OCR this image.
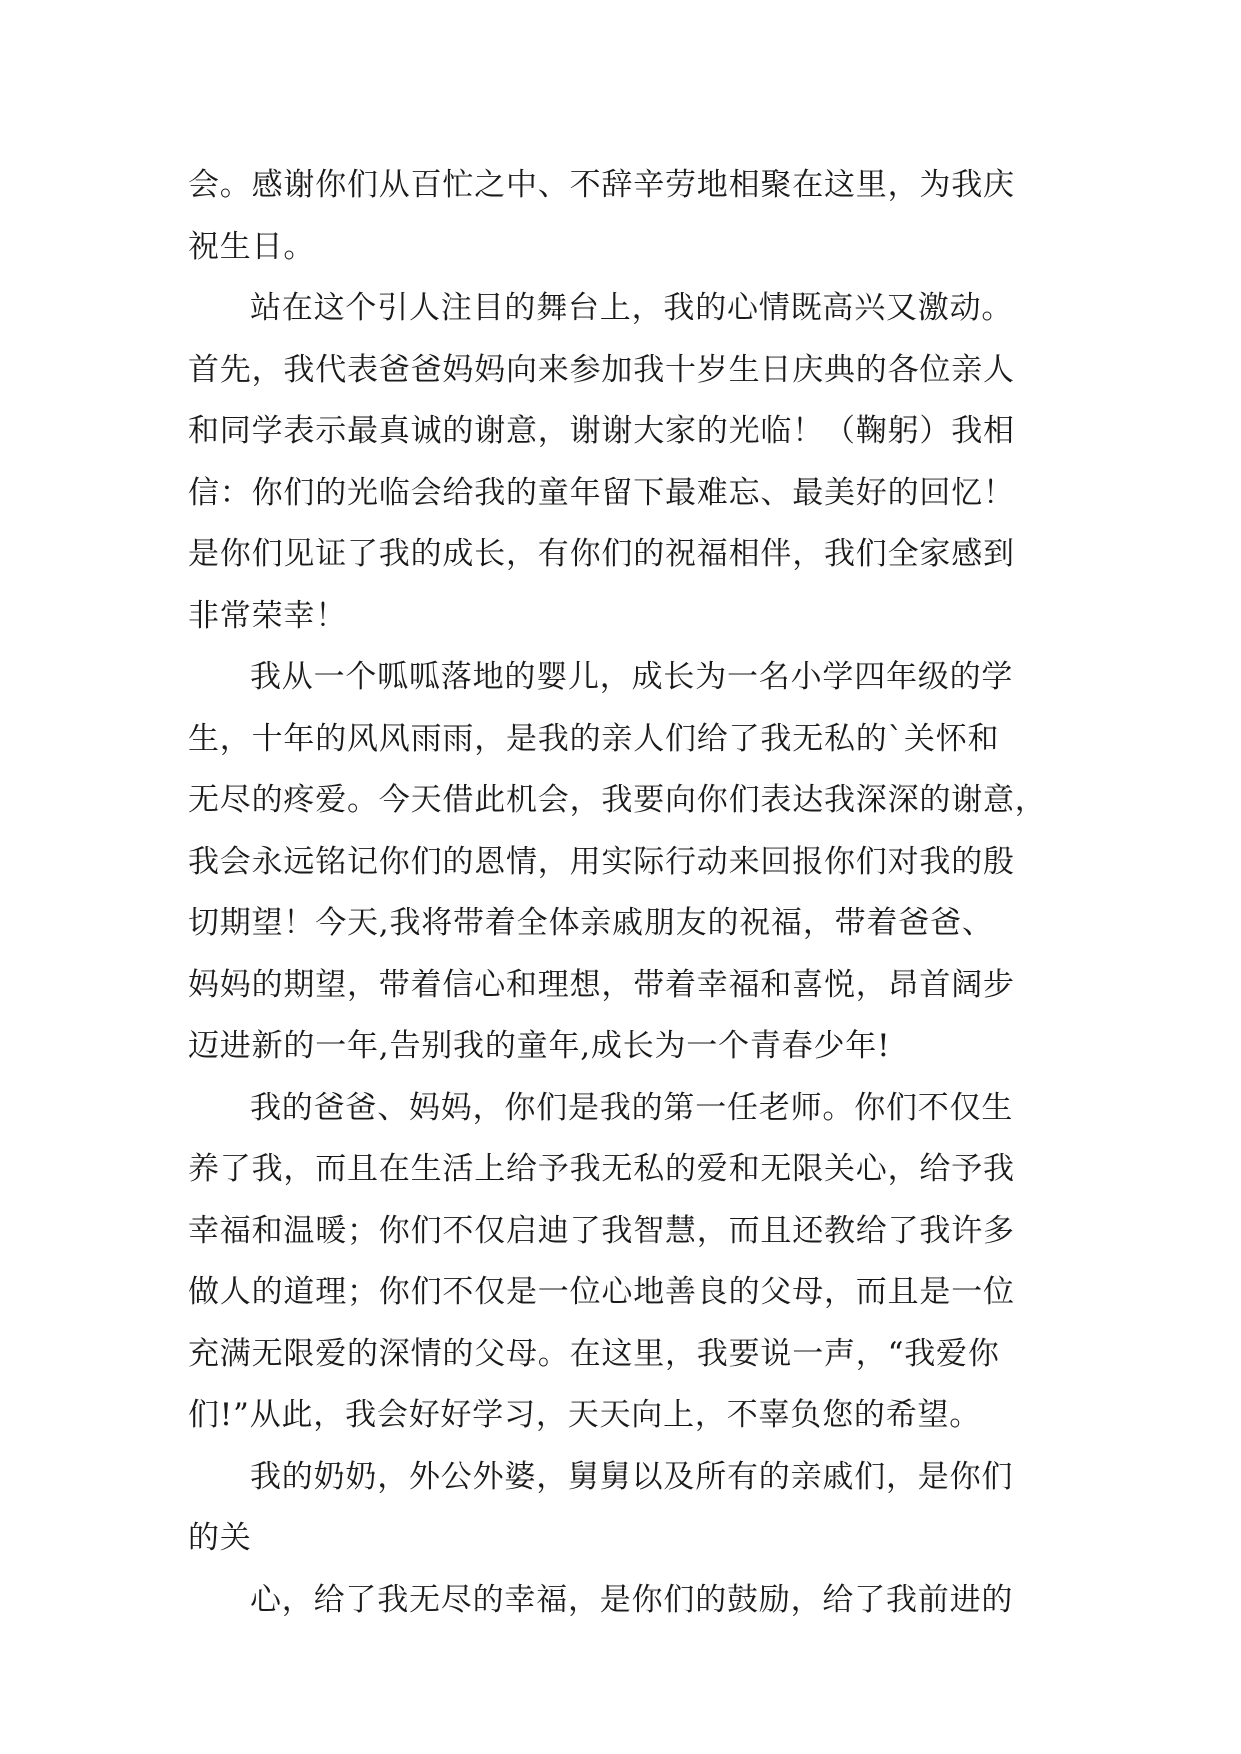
会。感谢你们从百忙之中、不辞辛劳地相聚在这里，为我庆
祝生日。
站在这个引人注目的舞台上，我的心情既高兴又激动。
首先，我代表爸爸妈妈向来参加我十岁生日庆典的各位亲人
和同学表示最真诚的谢意，谢谢大家的光临！（鞠躬）我相
信：你们的光临会给我的童年留下最难忘、最美好的回忆！
是你们见证了我的成长，有你们的祝福相伴，我们全家感到
非常荣幸！
我从一个呱呱落地的婴儿，成长为一名小学四年级的学
生，十年的风风雨雨，是我的亲人们给了我无私的`关怀和
无尽的疼爱。今天借此机会，我要向你们表达我深深的谢意，
我会永远铭记你们的恩情，用实际行动来回报你们对我的殷
切期望！今天,我将带着全体亲戚朋友的祝福，带着爸爸、
妈妈的期望，带着信心和理想，带着幸福和喜悦，昂首阔步
迈进新的一年,告别我的童年,成长为一个青春少年!
我的爸爸、妈妈，你们是我的第一任老师。你们不仅生
养了我，而且在生活上给予我无私的爱和无限关心，给予我
幸福和温暖；你们不仅启迪了我智慧，而且还教给了我许多
做人的道理；你们不仅是一位心地善良的父母，而且是一位
充满无限爱的深情的父母。在这里，我要说一声，“我爱你
们!”从此，我会好好学习，天天向上，不辜负您的希望。
我的奶奶，外公外婆，舅舅以及所有的亲戚们，是你们
的关
心，给了我无尽的幸福，是你们的鼓励，给了我前进的
